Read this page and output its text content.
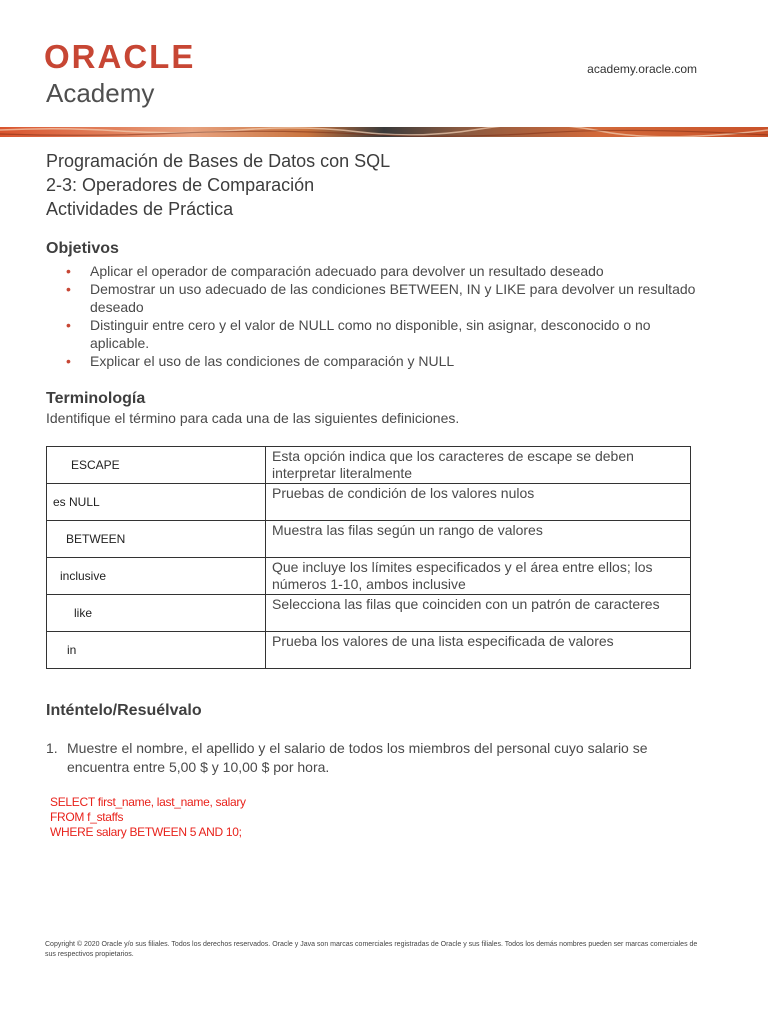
ORACLE
Academy
academy.oracle.com
Programación de Bases de Datos con SQL
2-3: Operadores de Comparación
Actividades de Práctica
Objetivos
• Aplicar el operador de comparación adecuado para devolver un resultado deseado
• Demostrar un uso adecuado de las condiciones BETWEEN, IN y LIKE para devolver un resultado deseado
• Distinguir entre cero y el valor de NULL como no disponible, sin asignar, desconocido o no aplicable.
• Explicar el uso de las condiciones de comparación y NULL
Terminología
Identifique el término para cada una de las siguientes definiciones.
ESCAPE	Esta opción indica que los caracteres de escape se deben interpretar literalmente
es NULL	Pruebas de condición de los valores nulos
BETWEEN	Muestra las filas según un rango de valores
inclusive	Que incluye los límites especificados y el área entre ellos; los números 1-10, ambos inclusive
like	Selecciona las filas que coinciden con un patrón de caracteres
in	Prueba los valores de una lista especificada de valores
Inténtelo/Resuélvalo
1. Muestre el nombre, el apellido y el salario de todos los miembros del personal cuyo salario se encuentra entre 5,00 $ y 10,00 $ por hora.
SELECT first_name, last_name, salary
FROM f_staffs
WHERE salary BETWEEN 5 AND 10;
Copyright © 2020 Oracle y/o sus filiales. Todos los derechos reservados. Oracle y Java son marcas comerciales registradas de Oracle y sus filiales. Todos los demás nombres pueden ser marcas comerciales de sus respectivos propietarios.
